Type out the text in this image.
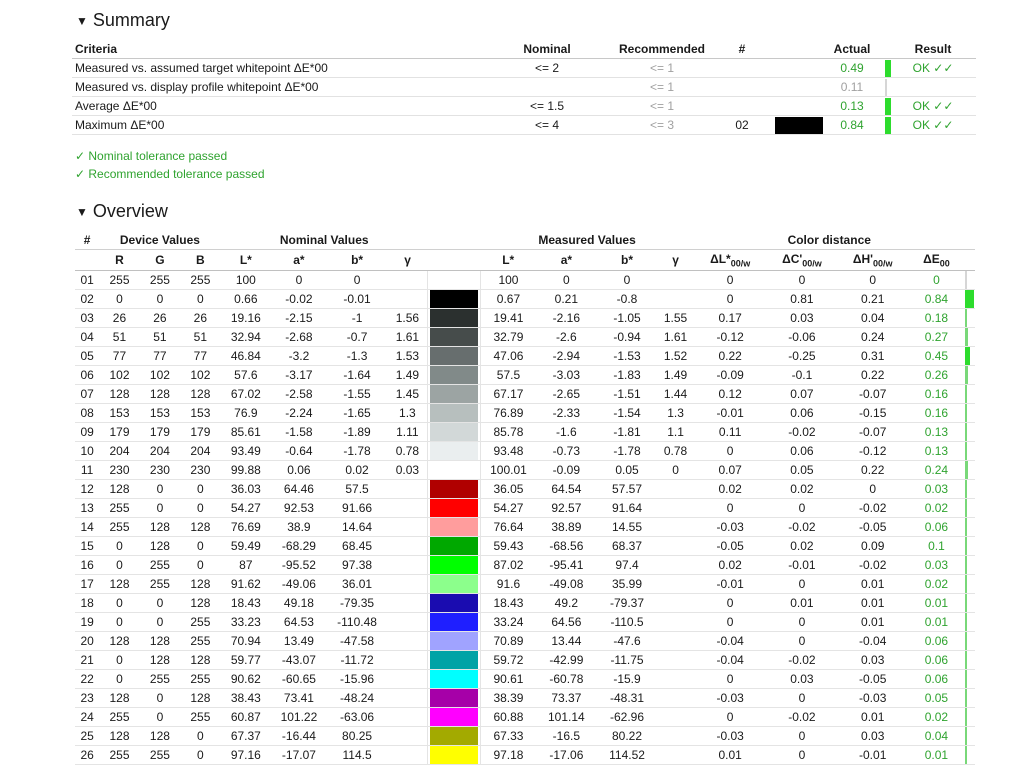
▼ Summary
Criteria	Nominal	Recommended	#		Actual		Result
Measured vs. assumed target whitepoint ΔE*00	<= 2	<= 1			0.49		OK ✓✓
Measured vs. display profile whitepoint ΔE*00		<= 1			0.11		
Average ΔE*00	<= 1.5	<= 1			0.13		OK ✓✓
Maximum ΔE*00	<= 4	<= 3	02		0.84		OK ✓✓
✓ Nominal tolerance passed
✓ Recommended tolerance passed
▼ Overview
#	Device Values			Nominal Values					Measured Values				Color distance				
	R	G	B	L*	a*	b*	γ		L*	a*	b*	γ	$\Delta L*_{00/w}$	$\Delta C'_{00/w}$	$\Delta H'_{00/w}$	$\Delta E_{00}$	
01	255	255	255	100	0	0			100	0	0		0	0	0	0	

02	0	0	0	0.66	-0.02	-0.01			0.67	0.21	-0.8		0	0.81	0.21	0.84	

03	26	26	26	19.16	-2.15	-1	1.56		19.41	-2.16	-1.05	1.55	0.17	0.03	0.04	0.18	

04	51	51	51	32.94	-2.68	-0.7	1.61		32.79	-2.6	-0.94	1.61	-0.12	-0.06	0.24	0.27	

05	77	77	77	46.84	-3.2	-1.3	1.53		47.06	-2.94	-1.53	1.52	0.22	-0.25	0.31	0.45	

06	102	102	102	57.6	-3.17	-1.64	1.49		57.5	-3.03	-1.83	1.49	-0.09	-0.1	0.22	0.26	

07	128	128	128	67.02	-2.58	-1.55	1.45		67.17	-2.65	-1.51	1.44	0.12	0.07	-0.07	0.16	

08	153	153	153	76.9	-2.24	-1.65	1.3		76.89	-2.33	-1.54	1.3	-0.01	0.06	-0.15	0.16	

09	179	179	179	85.61	-1.58	-1.89	1.11		85.78	-1.6	-1.81	1.1	0.11	-0.02	-0.07	0.13	

10	204	204	204	93.49	-0.64	-1.78	0.78		93.48	-0.73	-1.78	0.78	0	0.06	-0.12	0.13	

11	230	230	230	99.88	0.06	0.02	0.03		100.01	-0.09	0.05	0	0.07	0.05	0.22	0.24	

12	128	0	0	36.03	64.46	57.5			36.05	64.54	57.57		0.02	0.02	0	0.03	

13	255	0	0	54.27	92.53	91.66			54.27	92.57	91.64		0	0	-0.02	0.02	

14	255	128	128	76.69	38.9	14.64			76.64	38.89	14.55		-0.03	-0.02	-0.05	0.06	

15	0	128	0	59.49	-68.29	68.45			59.43	-68.56	68.37		-0.05	0.02	0.09	0.1	

16	0	255	0	87	-95.52	97.38			87.02	-95.41	97.4		0.02	-0.01	-0.02	0.03	

17	128	255	128	91.62	-49.06	36.01			91.6	-49.08	35.99		-0.01	0	0.01	0.02	

18	0	0	128	18.43	49.18	-79.35			18.43	49.2	-79.37		0	0.01	0.01	0.01	

19	0	0	255	33.23	64.53	-110.48			33.24	64.56	-110.5		0	0	0.01	0.01	

20	128	128	255	70.94	13.49	-47.58			70.89	13.44	-47.6		-0.04	0	-0.04	0.06	

21	0	128	128	59.77	-43.07	-11.72			59.72	-42.99	-11.75		-0.04	-0.02	0.03	0.06	

22	0	255	255	90.62	-60.65	-15.96			90.61	-60.78	-15.9		0	0.03	-0.05	0.06	

23	128	0	128	38.43	73.41	-48.24			38.39	73.37	-48.31		-0.03	0	-0.03	0.05	

24	255	0	255	60.87	101.22	-63.06			60.88	101.14	-62.96		0	-0.02	0.01	0.02	

25	128	128	0	67.37	-16.44	80.25			67.33	-16.5	80.22		-0.03	0	0.03	0.04	

26	255	255	0	97.16	-17.07	114.5			97.18	-17.06	114.52		0.01	0	-0.01	0.01	
